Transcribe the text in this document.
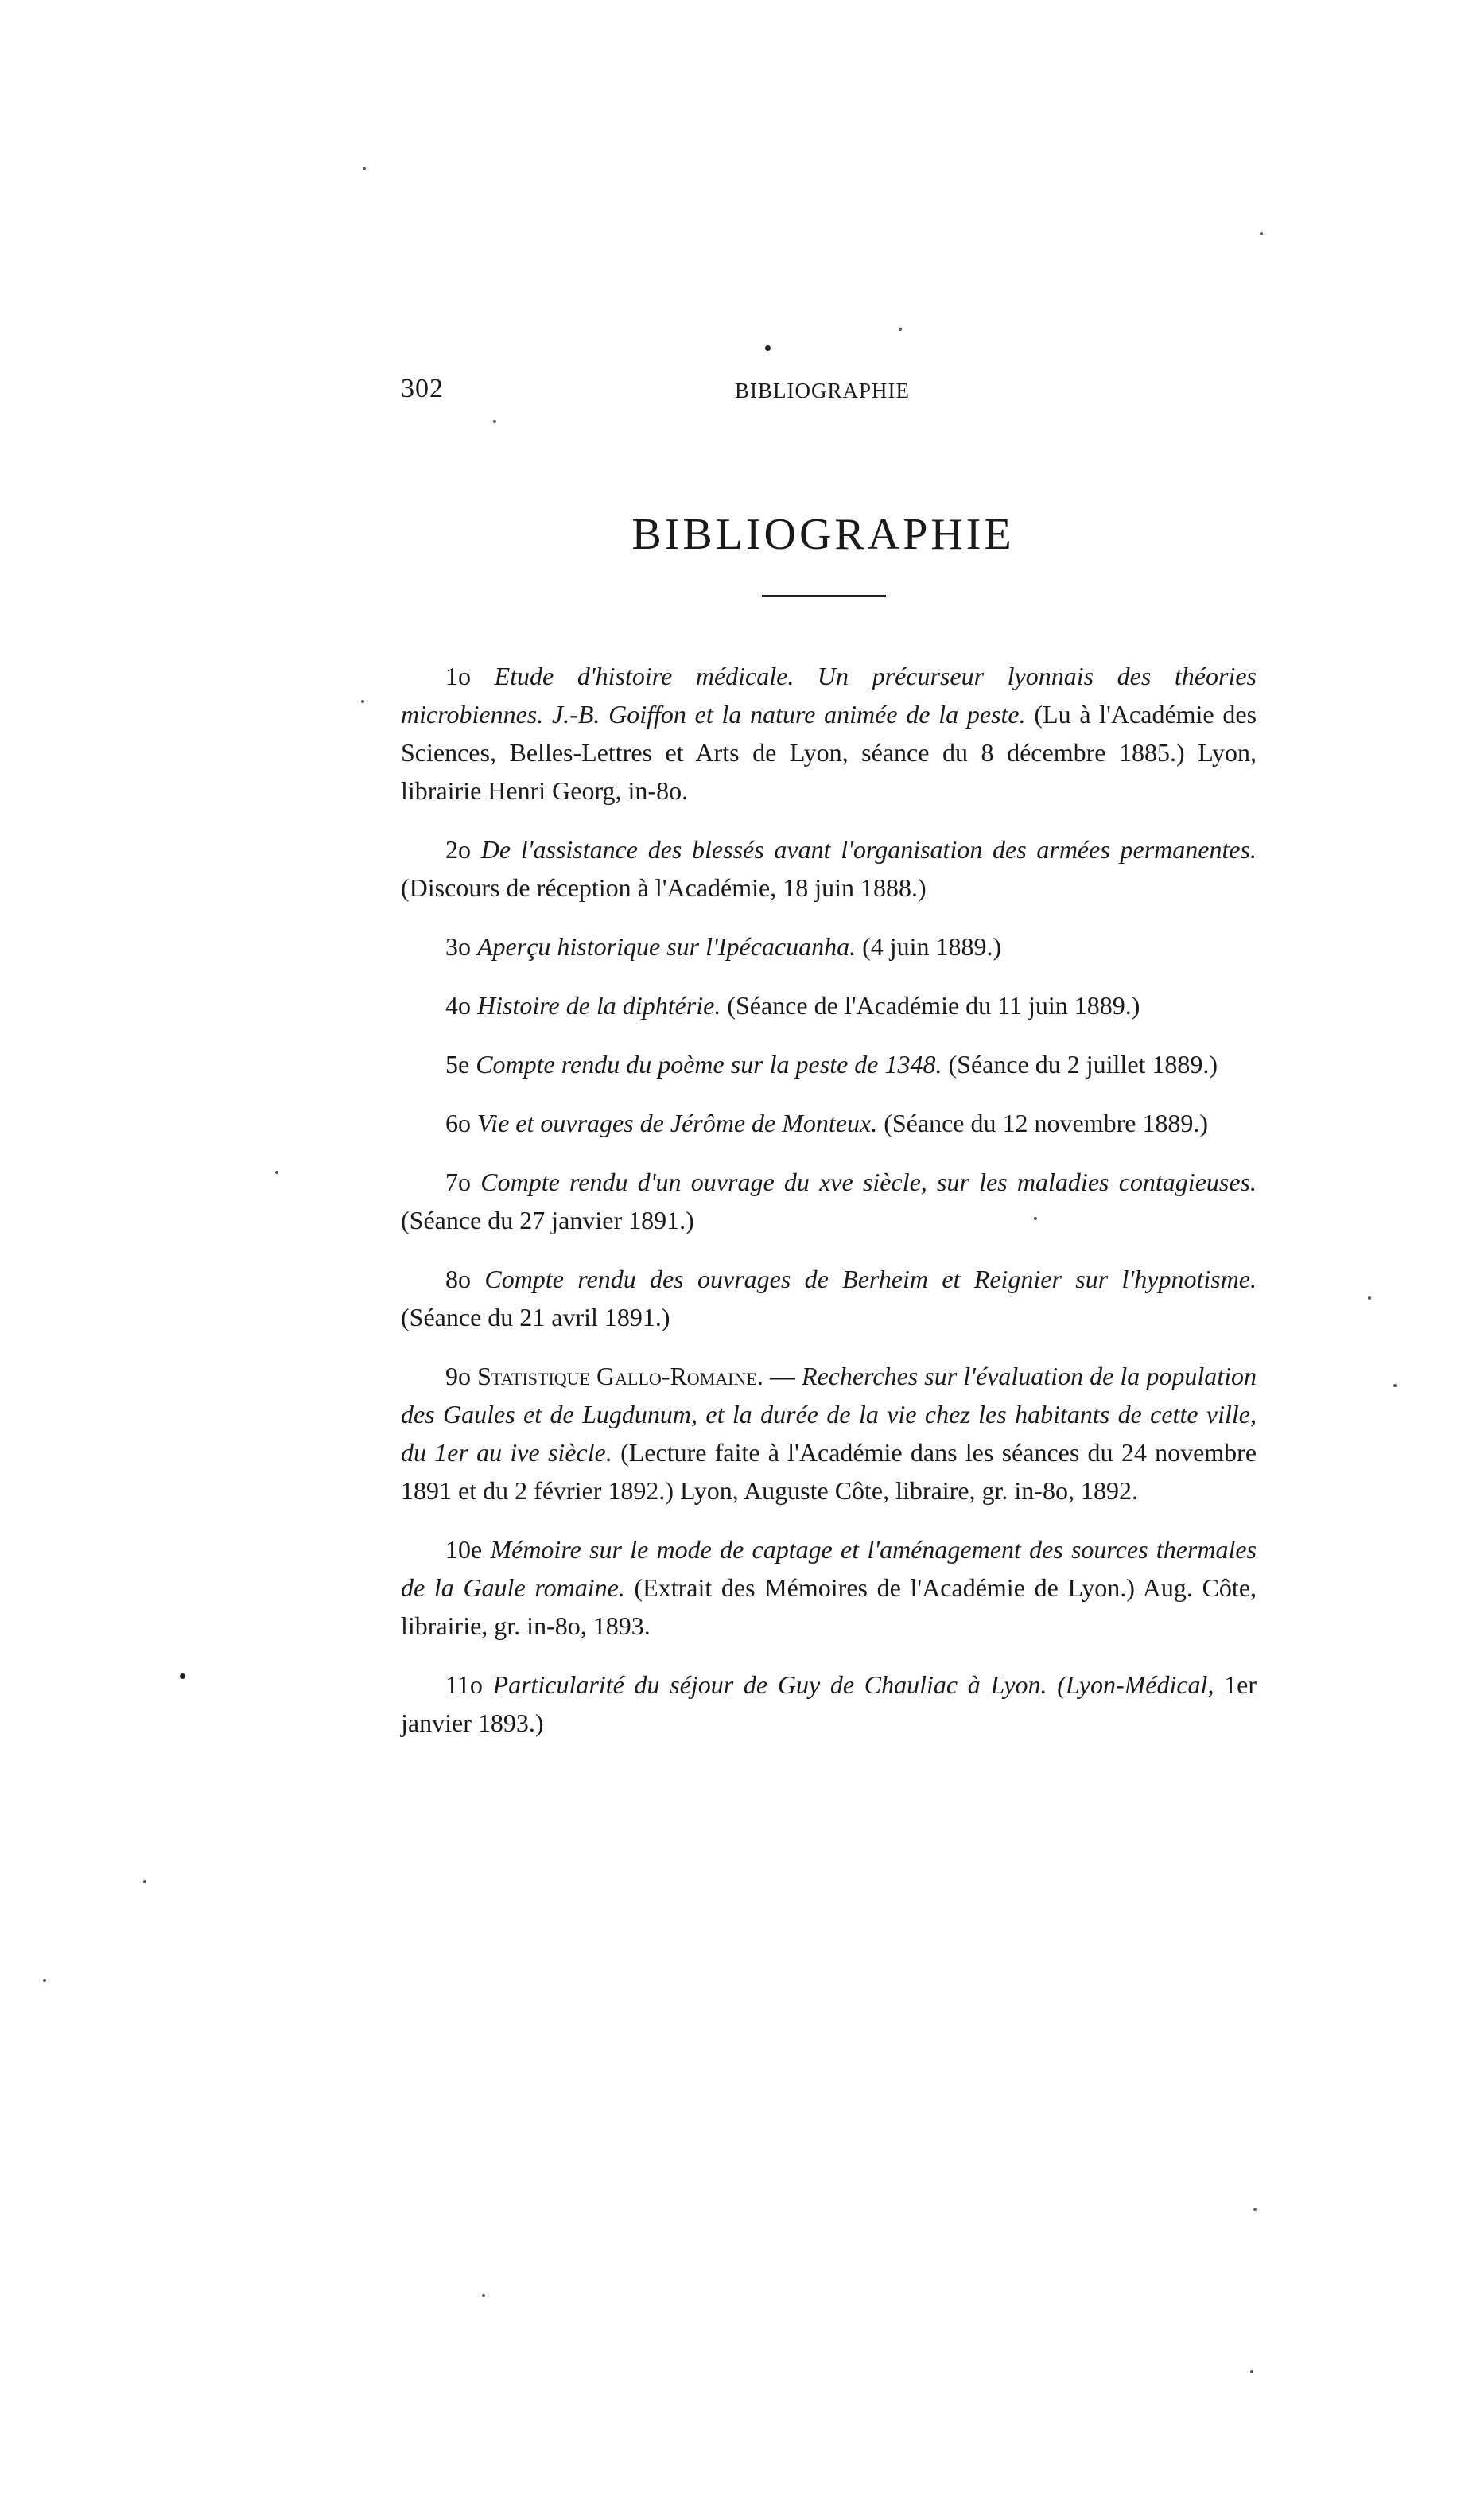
302	BIBLIOGRAPHIE
BIBLIOGRAPHIE

1o Etude d'histoire médicale. Un précurseur lyonnais des théories microbiennes. J.-B. Goiffon et la nature animée de la peste. (Lu à l'Académie des Sciences, Belles-Lettres et Arts de Lyon, séance du 8 décembre 1885.) Lyon, librairie Henri Georg, in-8o.

2o De l'assistance des blessés avant l'organisation des armées permanentes. (Discours de réception à l'Académie, 18 juin 1888.)

3o Aperçu historique sur l'Ipécacuanha. (4 juin 1889.)

4o Histoire de la diphtérie. (Séance de l'Académie du 11 juin 1889.)

5e Compte rendu du poème sur la peste de 1348. (Séance du 2 juillet 1889.)

6o Vie et ouvrages de Jérôme de Monteux. (Séance du 12 novembre 1889.)

7o Compte rendu d'un ouvrage du xve siècle, sur les maladies contagieuses. (Séance du 27 janvier 1891.)

8o Compte rendu des ouvrages de Berheim et Reignier sur l'hypnotisme. (Séance du 21 avril 1891.)

9o Statistique Gallo-Romaine. — Recherches sur l'évaluation de la population des Gaules et de Lugdunum, et la durée de la vie chez les habitants de cette ville, du 1er au ive siècle. (Lecture faite à l'Académie dans les séances du 24 novembre 1891 et du 2 février 1892.) Lyon, Auguste Côte, libraire, gr. in-8o, 1892.

10e Mémoire sur le mode de captage et l'aménagement des sources thermales de la Gaule romaine. (Extrait des Mémoires de l'Académie de Lyon.) Aug. Côte, librairie, gr. in-8o, 1893.

11o Particularité du séjour de Guy de Chauliac à Lyon. (Lyon-Médical, 1er janvier 1893.)
